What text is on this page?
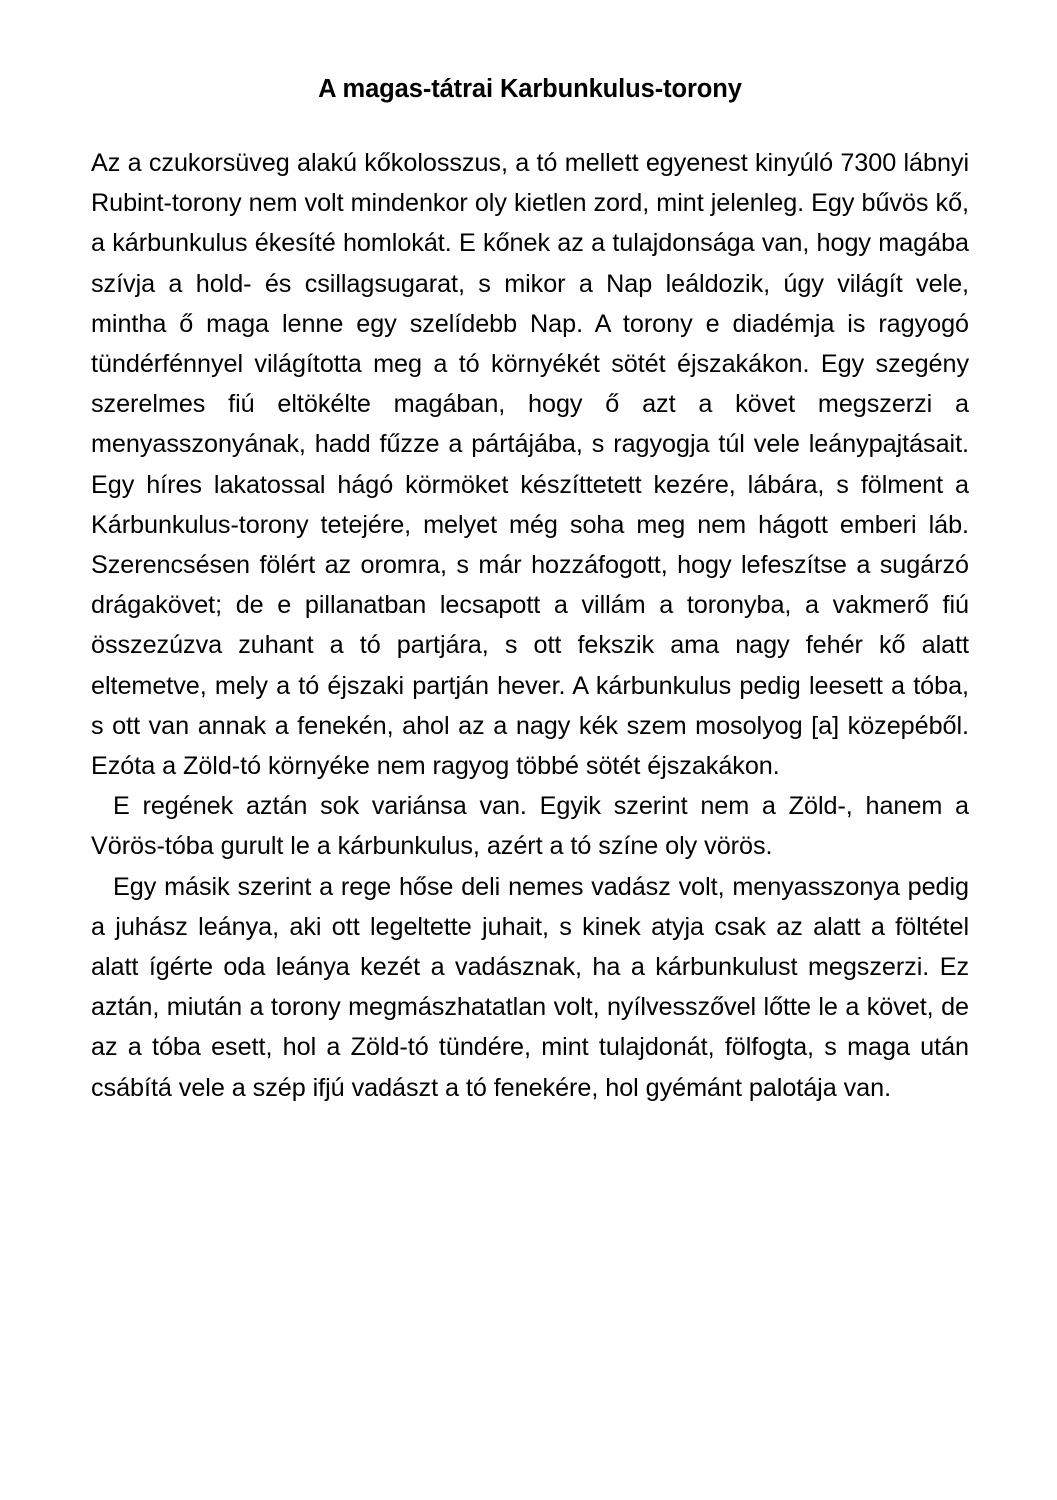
A magas-tátrai Karbunkulus-torony

Az a czukorsüveg alakú kőkolosszus, a tó mellett egyenest kinyúló 7300 lábnyi Rubint-torony nem volt mindenkor oly kietlen zord, mint jelenleg. Egy bűvös kő, a kárbunkulus ékesíté homlokát. E kőnek az a tulajdonsága van, hogy magába szívja a hold- és csillagsugarat, s mikor a Nap leáldozik, úgy világít vele, mintha ő maga lenne egy szelídebb Nap. A torony e diadémja is ragyogó tündérfénnyel világította meg a tó környékét sötét éjszakákon. Egy szegény szerelmes fiú eltökélte magában, hogy ő azt a követ megszerzi a menyasszonyának, hadd fűzze a pártájába, s ragyogja túl vele leánypajtásait. Egy híres lakatossal hágó körmöket készíttetett kezére, lábára, s fölment a Kárbunkulus-torony tetejére, melyet még soha meg nem hágott emberi láb. Szerencsésen fölért az oromra, s már hozzáfogott, hogy lefeszítse a sugárzó drágakövet; de e pillanatban lecsapott a villám a toronyba, a vakmerő fiú összezúzva zuhant a tó partjára, s ott fekszik ama nagy fehér kő alatt eltemetve, mely a tó éjszaki partján hever. A kárbunkulus pedig leesett a tóba, s ott van annak a fenekén, ahol az a nagy kék szem mosolyog [a] közepéből. Ezóta a Zöld-tó környéke nem ragyog többé sötét éjszakákon.

E regének aztán sok variánsa van. Egyik szerint nem a Zöld-, hanem a Vörös-tóba gurult le a kárbunkulus, azért a tó színe oly vörös.

Egy másik szerint a rege hőse deli nemes vadász volt, menyasszonya pedig a juhász leánya, aki ott legeltette juhait, s kinek atyja csak az alatt a föltétel alatt ígérte oda leánya kezét a vadásznak, ha a kárbunkulust megszerzi. Ez aztán, miután a torony megmászhatatlan volt, nyílvesszővel lőtte le a követ, de az a tóba esett, hol a Zöld-tó tündére, mint tulajdonát, fölfogta, s maga után csábítá vele a szép ifjú vadászt a tó fenekére, hol gyémánt palotája van.
